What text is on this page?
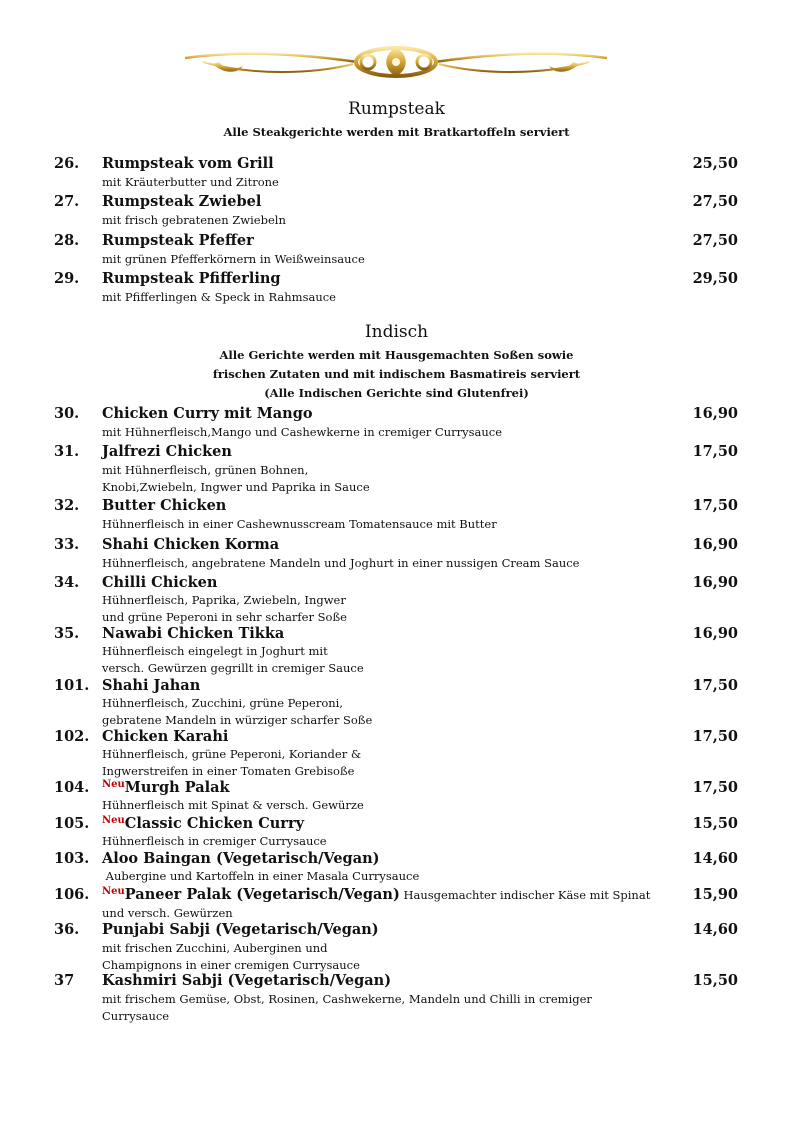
Rumpsteak
Alle Steakgerichte werden mit Bratkartoffeln serviert
26. Rumpsteak vom Grill	25,50
mit Kräuterbutter und Zitrone
27. Rumpsteak Zwiebel	27,50
mit frisch gebratenen Zwiebeln
28. Rumpsteak Pfeffer	27,50
mit grünen Pfefferkörnern in Weißweinsauce
29. Rumpsteak Pfifferling	29,50
mit Pfifferlingen & Speck in Rahmsauce
Indisch
Alle Gerichte werden mit Hausgemachten Soßen sowie
frischen Zutaten und mit indischem Basmatireis serviert
(Alle Indischen Gerichte sind Glutenfrei)
30. Chicken Curry mit Mango	16,90
mit Hühnerfleisch,Mango und Cashewkerne in cremiger Currysauce
31. Jalfrezi Chicken	17,50
mit Hühnerfleisch, grünen Bohnen,
Knobi,Zwiebeln, Ingwer und Paprika in Sauce
32. Butter Chicken	17,50
Hühnerfleisch in einer Cashewnusscream Tomatensauce mit Butter
33. Shahi Chicken Korma	16,90
Hühnerfleisch, angebratene Mandeln und Joghurt in einer nussigen Cream Sauce
34. Chilli Chicken	16,90
Hühnerfleisch, Paprika, Zwiebeln, Ingwer
und grüne Peperoni in sehr scharfer Soße
35. Nawabi Chicken Tikka	16,90
Hühnerfleisch eingelegt in Joghurt mit
versch. Gewürzen gegrillt in cremiger Sauce
101. Shahi Jahan	17,50
Hühnerfleisch, Zucchini, grüne Peperoni,
gebratene Mandeln in würziger scharfer Soße
102. Chicken Karahi	17,50
Hühnerfleisch, grüne Peperoni, Koriander &
Ingwerstreifen in einer Tomaten Grebisoße
104. $^{Neu}$Murgh Palak	17,50
Hühnerfleisch mit Spinat & versch. Gewürze
105. $^{Neu}$Classic Chicken Curry	15,50
Hühnerfleisch in cremiger Currysauce
103. Aloo Baingan (Vegetarisch/Vegan)	14,60
Aubergine und Kartoffeln in einer Masala Currysauce
106. $^{Neu}$Paneer Palak (Vegetarisch/Vegan) Hausgemachter indischer Käse mit Spinat	15,90
und versch. Gewürzen
36. Punjabi Sabji (Vegetarisch/Vegan)	14,60
mit frischen Zucchini, Auberginen und
Champignons in einer cremigen Currysauce
37 Kashmiri Sabji (Vegetarisch/Vegan)	15,50
mit frischem Gemüse, Obst, Rosinen, Cashwekerne, Mandeln und Chilli in cremiger
Currysauce
